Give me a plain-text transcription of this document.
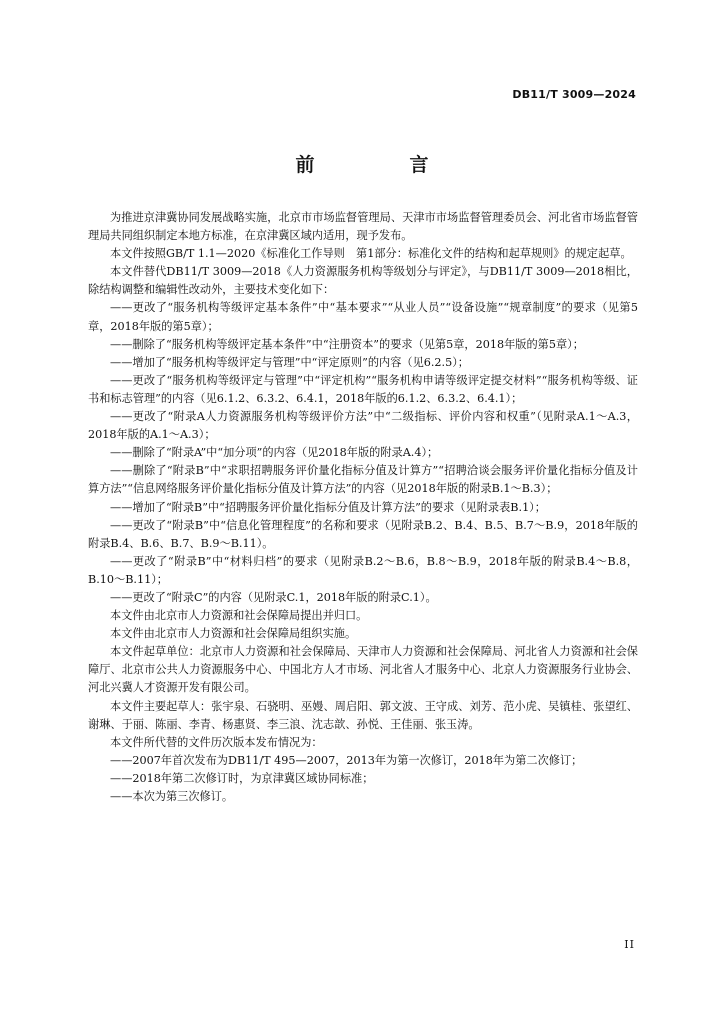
DB11/T 3009—2024
前　言

为推进京津冀协同发展战略实施，北京市市场监督管理局、天津市市场监督管理委员会、河北省市场监督管理局共同组织制定本地方标准，在京津冀区域内适用，现予发布。

本文件按照GB/T 1.1—2020《标准化工作导则　第1部分：标准化文件的结构和起草规则》的规定起草。

本文件替代DB11/T 3009—2018《人力资源服务机构等级划分与评定》，与DB11/T 3009—2018相比，除结构调整和编辑性改动外，主要技术变化如下：

——更改了“服务机构等级评定基本条件”中“基本要求”“从业人员”“设备设施”“规章制度”的要求（见第5章，2018年版的第5章）；

——删除了“服务机构等级评定基本条件”中“注册资本”的要求（见第5章，2018年版的第5章）；

——增加了“服务机构等级评定与管理”中“评定原则”的内容（见6.2.5）；

——更改了“服务机构等级评定与管理”中“评定机构”“服务机构申请等级评定提交材料”“服务机构等级、证书和标志管理”的内容（见6.1.2、6.3.2、6.4.1，2018年版的6.1.2、6.3.2、6.4.1）；

——更改了“附录A人力资源服务机构等级评价方法”中“二级指标、评价内容和权重”（见附录A.1～A.3，2018年版的A.1～A.3）；

——删除了“附录A”中“加分项”的内容（见2018年版的附录A.4）；

——删除了“附录B”中“求职招聘服务评价量化指标分值及计算方”“招聘洽谈会服务评价量化指标分值及计算方法”“信息网络服务评价量化指标分值及计算方法”的内容（见2018年版的附录B.1～B.3）；

——增加了“附录B”中“招聘服务评价量化指标分值及计算方法”的要求（见附录表B.1）；

——更改了“附录B”中“信息化管理程度”的名称和要求（见附录B.2、B.4、B.5、B.7～B.9，2018年版的附录B.4、B.6、B.7、B.9～B.11）。

——更改了“附录B”中“材料归档”的要求（见附录B.2～B.6，B.8～B.9，2018年版的附录B.4～B.8，B.10～B.11）；

——更改了“附录C”的内容（见附录C.1，2018年版的附录C.1）。

本文件由北京市人力资源和社会保障局提出并归口。

本文件由北京市人力资源和社会保障局组织实施。

本文件起草单位：北京市人力资源和社会保障局、天津市人力资源和社会保障局、河北省人力资源和社会保障厅、北京市公共人力资源服务中心、中国北方人才市场、河北省人才服务中心、北京人力资源服务行业协会、河北兴冀人才资源开发有限公司。

本文件主要起草人：张宇泉、石骁明、巫嫚、周启阳、郭文波、王守成、刘芳、范小虎、吴镇桂、张望红、谢琳、于丽、陈丽、李青、杨惠贤、李三浪、沈志歆、孙悦、王佳丽、张玉涛。

本文件所代替的文件历次版本发布情况为：

——2007年首次发布为DB11/T 495—2007，2013年为第一次修订，2018年为第二次修订；

——2018年第二次修订时，为京津冀区域协同标准；

——本次为第三次修订。

II
